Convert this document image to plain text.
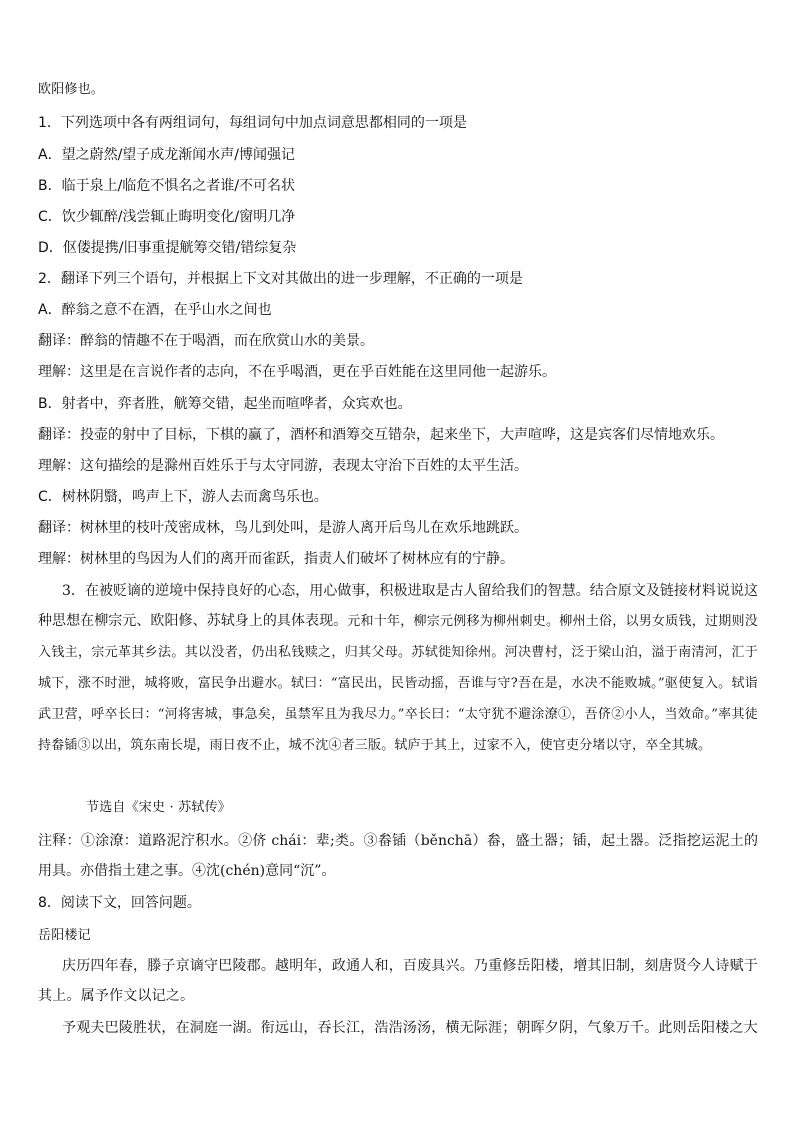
欧阳修也。
1．下列选项中各有两组词句，每组词句中加点词意思都相同的一项是
A．望之蔚然/望子成龙渐闻水声/博闻强记
B．临于泉上/临危不惧名之者谁/不可名状
C．饮少辄醉/浅尝辄止晦明变化/窗明几净
D．伛偻提携/旧事重提觥筹交错/错综复杂
2．翻译下列三个语句，并根据上下文对其做出的进一步理解，不正确的一项是
A．醉翁之意不在酒，在乎山水之间也
翻译：醉翁的情趣不在于喝酒，而在欣赏山水的美景。
理解：这里是在言说作者的志向，不在乎喝酒，更在乎百姓能在这里同他一起游乐。
B．射者中，弈者胜，觥筹交错，起坐而喧哗者，众宾欢也。
翻译：投壶的射中了目标，下棋的赢了，酒杯和酒筹交互错杂，起来坐下，大声喧哗，这是宾客们尽情地欢乐。
理解：这句描绘的是滁州百姓乐于与太守同游，表现太守治下百姓的太平生活。
C．树林阴翳，鸣声上下，游人去而禽鸟乐也。
翻译：树林里的枝叶茂密成林，鸟儿到处叫，是游人离开后鸟儿在欢乐地跳跃。
理解：树林里的鸟因为人们的离开而雀跃，指责人们破坏了树林应有的宁静。
3．在被贬谪的逆境中保持良好的心态，用心做事，积极进取是古人留给我们的智慧。结合原文及链接材料说说这种思想在柳宗元、欧阳修、苏轼身上的具体表现。元和十年，柳宗元例移为柳州刺史。柳州土俗，以男女质钱，过期则没入钱主，宗元革其乡法。其以没者，仍出私钱赎之，归其父母。苏轼徙知徐州。河决曹村，泛于梁山泊，溢于南清河，汇于城下，涨不时泄，城将败，富民争出避水。轼曰：“富民出，民皆动摇，吾谁与守?吾在是，水决不能败城。”驱使复入。轼诣武卫营，呼卒长曰：“河将害城，事急矣，虽禁军且为我尽力。”卒长曰：“太守犹不避涂潦①，吾侪②小人，当效命。”率其徒持畚锸③以出，筑东南长堤，雨日夜不止，城不沈④者三版。轼庐于其上，过家不入，使官吏分堵以守，卒全其城。
节选自《宋史 · 苏轼传》
注释：①涂潦：道路泥泞积水。②侪 chái：辈;类。③畚锸（běnchā）畚，盛土器；锸，起土器。泛指挖运泥土的用具。亦借指土建之事。④沈(chén)意同“沉”。
8．阅读下文，回答问题。
岳阳楼记
庆历四年春，滕子京谪守巴陵郡。越明年，政通人和，百废具兴。乃重修岳阳楼，增其旧制，刻唐贤今人诗赋于其上。属予作文以记之。
予观夫巴陵胜状，在洞庭一湖。衔远山，吞长江，浩浩汤汤，横无际涯；朝晖夕阴，气象万千。此则岳阳楼之大
